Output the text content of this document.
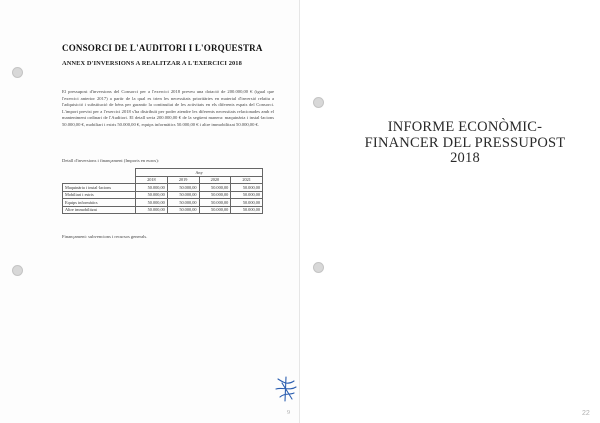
CONSORCI DE L'AUDITORI I L'ORQUESTRA
ANNEX D'INVERSIONS A REALITZAR A L'EXERCICI 2018
El pressupost d'inversions del Consorci per a l'exercici 2018 preveu una dotació de 200.000,00 € (igual que l'exercici anterior 2017) a partir de la qual es trien les necessitats prioritàries en material d'inversió relatiu a l'adquisició i substitució de béns per garantir la continuïtat de les activitats en els diferents espais del Consorci. L'import previst per a l'exercici 2018 s'ha distribuït per poder atendre les diferents necessitats relacionades amb el manteniment ordinari de l'Auditori. El detall seria 200.000,00 € de la següent manera: maquinària i instal·lacions 50.000,00 €, mobiliari i estris 50.000,00 €, equips informàtics 50.000,00 € i altre immobilitzat 50.000,00 €.
Detall d'inversions i finançament (Imports en euros):
	Any			
	2018	2019	2020	2021
Maquinària i instal·lacions	50.000,00	50.000,00	50.000,00	50.000,00
Mobiliari i estris	50.000,00	50.000,00	50.000,00	50.000,00
Equips informàtics	50.000,00	50.000,00	50.000,00	50.000,00
Altre immobilitzat	50.000,00	50.000,00	50.000,00	50.000,00
Finançament: subvencions i recursos generals.
9
INFORME ECONÒMIC-
FINANCER DEL PRESSUPOST
2018
22
